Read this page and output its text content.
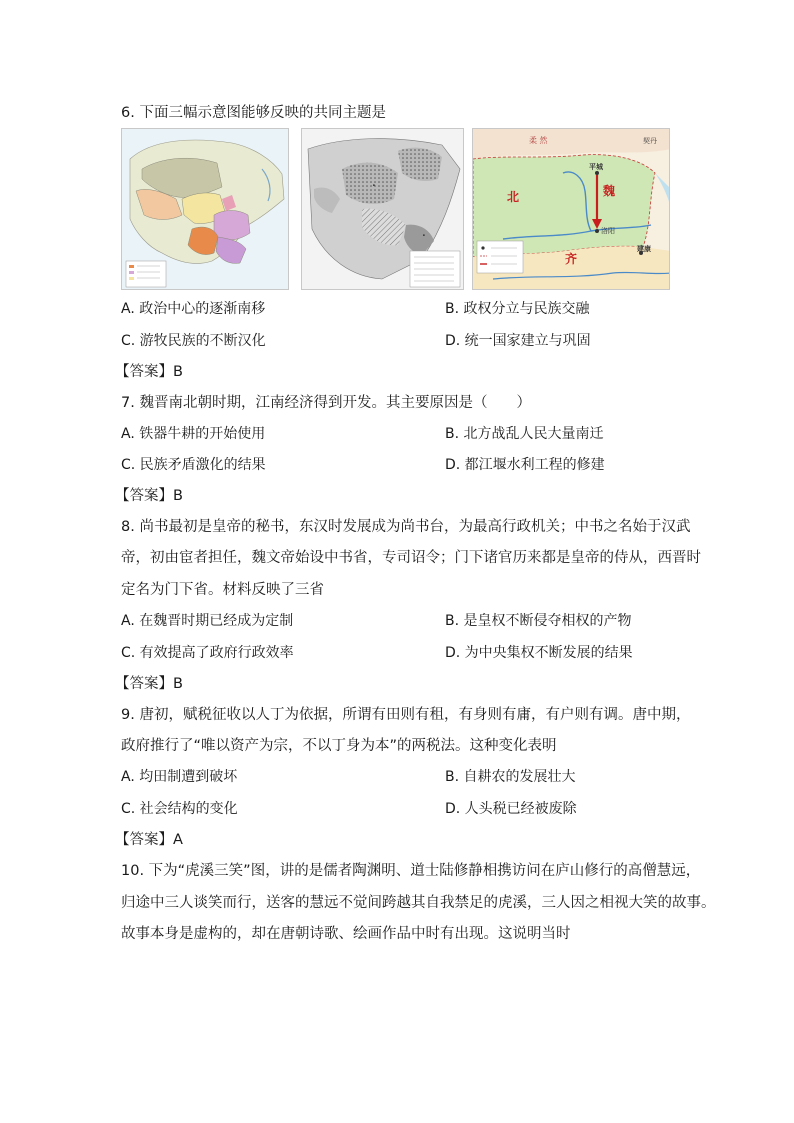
6. 下面三幅示意图能够反映的共同主题是
∙
∙
北	魏
平城
洛阳
建康
齐
柔 然	契丹
A. 政治中心的逐渐南移	B. 政权分立与民族交融
C. 游牧民族的不断汉化	D. 统一国家建立与巩固
【答案】B
7. 魏晋南北朝时期，江南经济得到开发。其主要原因是（　　）
A. 铁器牛耕的开始使用	B. 北方战乱人民大量南迁
C. 民族矛盾激化的结果	D. 都江堰水利工程的修建
【答案】B
8. 尚书最初是皇帝的秘书，东汉时发展成为尚书台，为最高行政机关；中书之名始于汉武
帝，初由宦者担任，魏文帝始设中书省，专司诏令；门下诸官历来都是皇帝的侍从，西晋时
定名为门下省。材料反映了三省
A. 在魏晋时期已经成为定制	B. 是皇权不断侵夺相权的产物
C. 有效提高了政府行政效率	D. 为中央集权不断发展的结果
【答案】B
9. 唐初，赋税征收以人丁为依据，所谓有田则有租，有身则有庸，有户则有调。唐中期，
政府推行了“唯以资产为宗，不以丁身为本”的两税法。这种变化表明
A. 均田制遭到破坏	B. 自耕农的发展壮大
C. 社会结构的变化	D. 人头税已经被废除
【答案】A
10. 下为“虎溪三笑”图，讲的是儒者陶渊明、道士陆修静相携访问在庐山修行的高僧慧远，
归途中三人谈笑而行，送客的慧远不觉间跨越其自我禁足的虎溪，三人因之相视大笑的故事。
故事本身是虚构的，却在唐朝诗歌、绘画作品中时有出现。这说明当时
